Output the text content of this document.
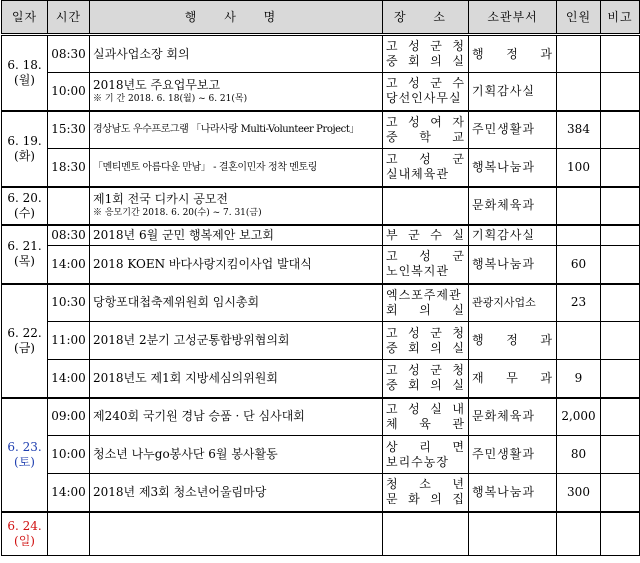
일자	시간	행 사 명	장 소	소관부서	인원	비고

6. 18.
(월)	08:30	실과사업소장 회의	고 성 군 청
중 회 의 실	행 정 과		
	10:00	2018년도 주요업무보고
※ 기 간 2018. 6. 18(월) ~ 6. 21(목)	고 성 군 수
당선인사무실	기획감사실		

6. 19.
(화)	15:30	경상남도 우수프로그램 「나라사랑 Multi-Volunteer Project」	고 성 여 자
중 학 교	주민생활과	384	
	18:30	「멘티멘토 아름다운 만남」 - 결혼이민자 정착 멘토링	고 성 군
실내체육관	행복나눔과	100	

6. 20.
(수)		제1회 전국 디카시 공모전
※ 응모기간 2018. 6. 20(수) ~ 7. 31(금)		문화체육과		

6. 21.
(목)	08:30	2018년 6월 군민 행복제안 보고회	부 군 수 실	기획감사실		
	14:00	2018 KOEN 바다사랑지킴이사업 발대식	고 성 군
노인복지관	행복나눔과	60	

6. 22.
(금)	10:30	당항포대첩축제위원회 임시총회	엑스포주제관
회 의 실	관광지사업소	23	
	11:00	2018년 2분기 고성군통합방위협의회	고 성 군 청
중 회 의 실	행 정 과		
	14:00	2018년도 제1회 지방세심의위원회	고 성 군 청
중 회 의 실	재 무 과	9	

6. 23.
(토)	09:00	제240회 국기원 경남 승품 · 단 심사대회	고 성 실 내
체 육 관	문화체육과	2,000	
	10:00	청소년 나누go봉사단 6월 봉사활동	상 리 면
보리수농장	주민생활과	80	
	14:00	2018년 제3회 청소년어울림마당	청 소 년
문 화 의 집	행복나눔과	300	

6. 24.
(일)						
